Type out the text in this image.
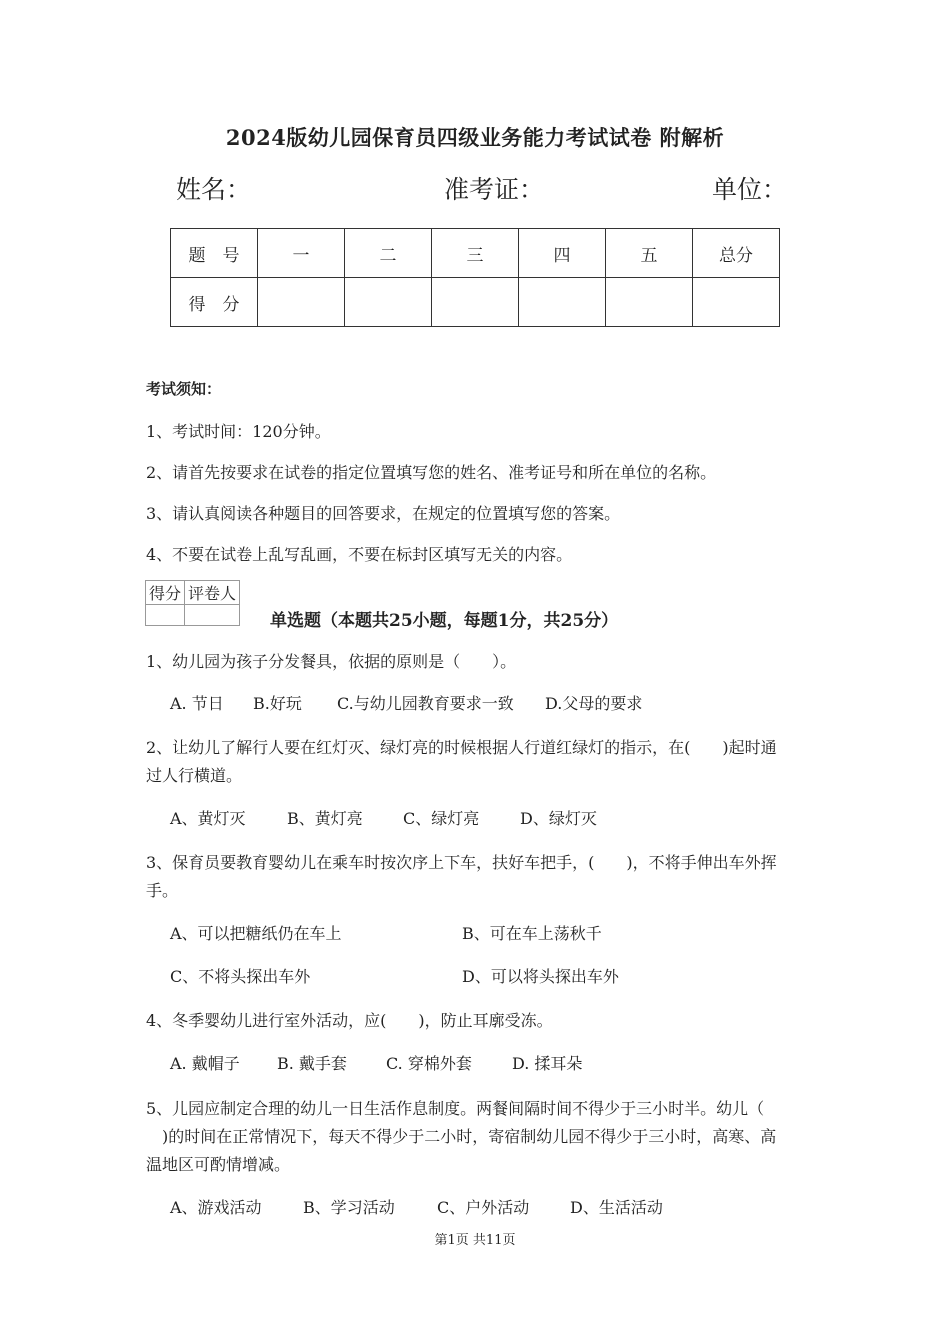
2024版幼儿园保育员四级业务能力考试试卷 附解析
姓名：	准考证：	单位：
题　号	一	二	三	四	五	总分
得　分						
考试须知：
1、考试时间：120分钟。
2、请首先按要求在试卷的指定位置填写您的姓名、准考证号和所在单位的名称。
3、请认真阅读各种题目的回答要求，在规定的位置填写您的答案。
4、不要在试卷上乱写乱画，不要在标封区填写无关的内容。
得分	评卷人

单选题（本题共25小题，每题1分，共25分）
1、幼儿园为孩子分发餐具，依据的原则是（　　）。
A. 节日 B.好玩 C.与幼儿园教育要求一致 D.父母的要求
2、让幼儿了解行人要在红灯灭、绿灯亮的时候根据人行道红绿灯的指示，在(　　)起时通
过人行横道。
A、黄灯灭	B、黄灯亮	C、绿灯亮	D、绿灯灭
3、保育员要教育婴幼儿在乘车时按次序上下车，扶好车把手，(　　)，不将手伸出车外挥
手。
A、可以把糖纸仍在车上	B、可在车上荡秋千
C、不将头探出车外	D、可以将头探出车外
4、冬季婴幼儿进行室外活动，应(　　)，防止耳廓受冻。
A. 戴帽子 B. 戴手套 C. 穿棉外套	D. 揉耳朵
5、儿园应制定合理的幼儿一日生活作息制度。两餐间隔时间不得少于三小时半。幼儿（
　)的时间在正常情况下，每天不得少于二小时，寄宿制幼儿园不得少于三小时，高寒、高
温地区可酌情增减。
A、游戏活动	B、学习活动	C、户外活动	D、生活活动
第1页 共11页
